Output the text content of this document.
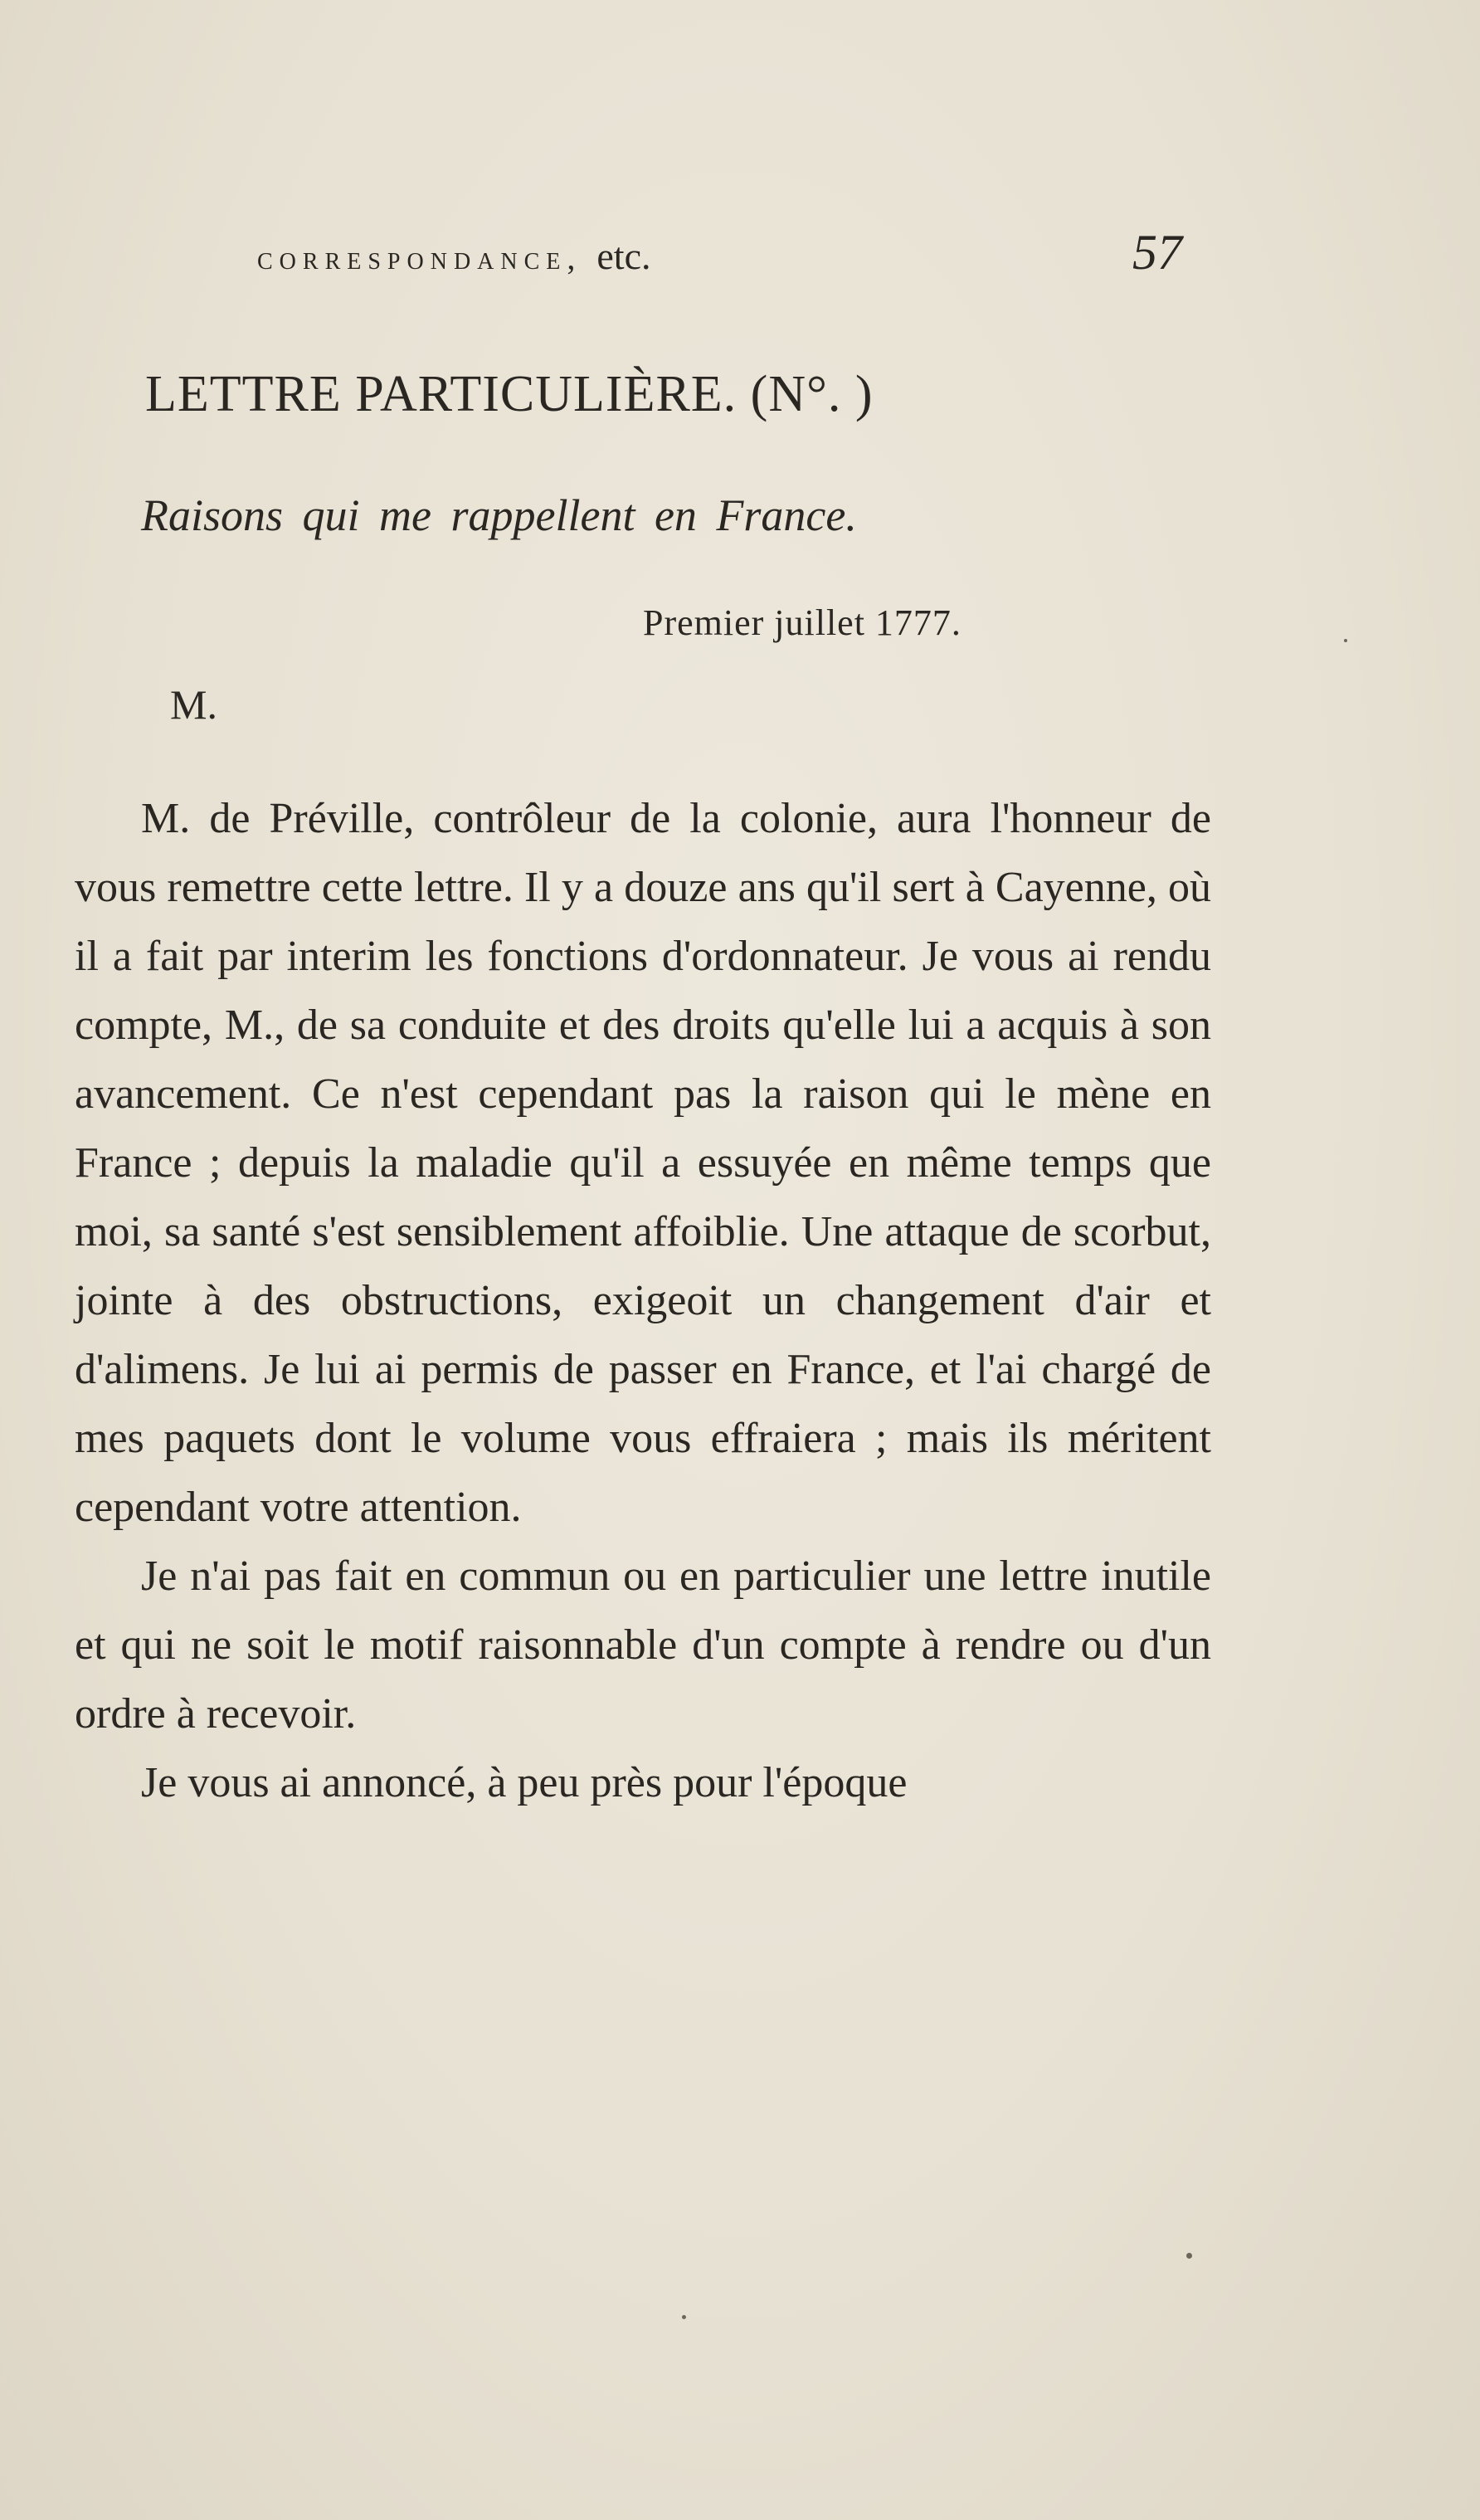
correspondance, etc.	57
LETTRE PARTICULIÈRE. (N°. )
Raisons qui me rappellent en France.
Premier juillet 1777.
M.

M. de Préville, contrôleur de la colonie, aura l'honneur de vous remettre cette lettre. Il y a douze ans qu'il sert à Cayenne, où il a fait par interim les fonctions d'ordonnateur. Je vous ai rendu compte, M., de sa conduite et des droits qu'elle lui a acquis à son avancement. Ce n'est cependant pas la raison qui le mène en France ; depuis la maladie qu'il a essuyée en même temps que moi, sa santé s'est sensiblement affoiblie. Une attaque de scorbut, jointe à des obstructions, exigeoit un changement d'air et d'alimens. Je lui ai permis de passer en France, et l'ai chargé de mes paquets dont le volume vous effraiera ; mais ils méritent cependant votre attention.

Je n'ai pas fait en commun ou en particulier une lettre inutile et qui ne soit le motif raisonnable d'un compte à rendre ou d'un ordre à recevoir.

Je vous ai annoncé, à peu près pour l'époque
